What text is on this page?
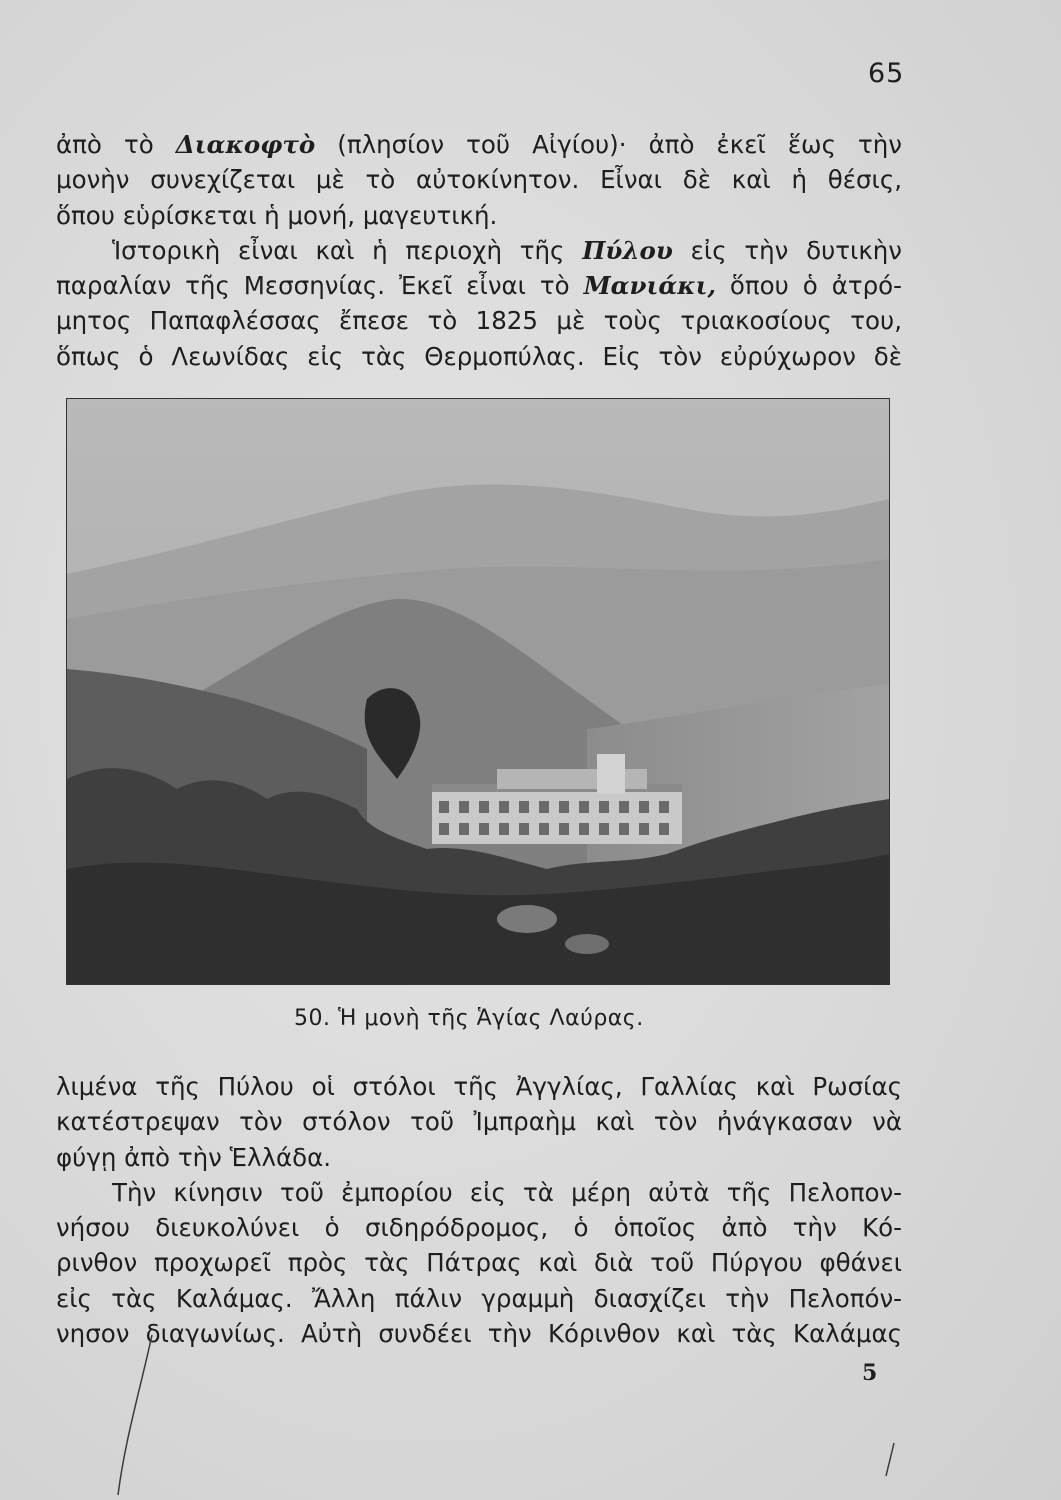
65
ἀπὸ τὸ Διακοφτὸ (πλησίον τοῦ Αἰγίου)· ἀπὸ ἐκεῖ ἕως τὴν
μονὴν συνεχίζεται μὲ τὸ αὐτοκίνητον. Εἶναι δὲ καὶ ἡ θέσις,
ὅπου εὑρίσκεται ἡ μονή, μαγευτική.
Ἱστορικὴ εἶναι καὶ ἡ περιοχὴ τῆς Πύλου εἰς τὴν δυτικὴν
παραλίαν τῆς Μεσσηνίας. Ἐκεῖ εἶναι τὸ Μανιάκι, ὅπου ὁ ἀτρό-
μητος Παπαφλέσσας ἔπεσε τὸ 1825 μὲ τοὺς τριακοσίους του,
ὅπως ὁ Λεωνίδας εἰς τὰς Θερμοπύλας. Εἰς τὸν εὐρύχωρον δὲ
50. Ἡ μονὴ τῆς Ἁγίας Λαύρας.
λιμένα τῆς Πύλου οἱ στόλοι τῆς Ἀγγλίας, Γαλλίας καὶ Ρωσίας
κατέστρεψαν τὸν στόλον τοῦ Ἰμπραὴμ καὶ τὸν ἠνάγκασαν νὰ
φύγῃ ἀπὸ τὴν Ἑλλάδα.
Τὴν κίνησιν τοῦ ἐμπορίου εἰς τὰ μέρη αὐτὰ τῆς Πελοπον-
νήσου διευκολύνει ὁ σιδηρόδρομος, ὁ ὁποῖος ἀπὸ τὴν Κό-
ρινθον προχωρεῖ πρὸς τὰς Πάτρας καὶ διὰ τοῦ Πύργου φθάνει
εἰς τὰς Καλάμας. Ἄλλη πάλιν γραμμὴ διασχίζει τὴν Πελοπόν-
νησον διαγωνίως. Αὐτὴ συνδέει τὴν Κόρινθον καὶ τὰς Καλάμας
5
